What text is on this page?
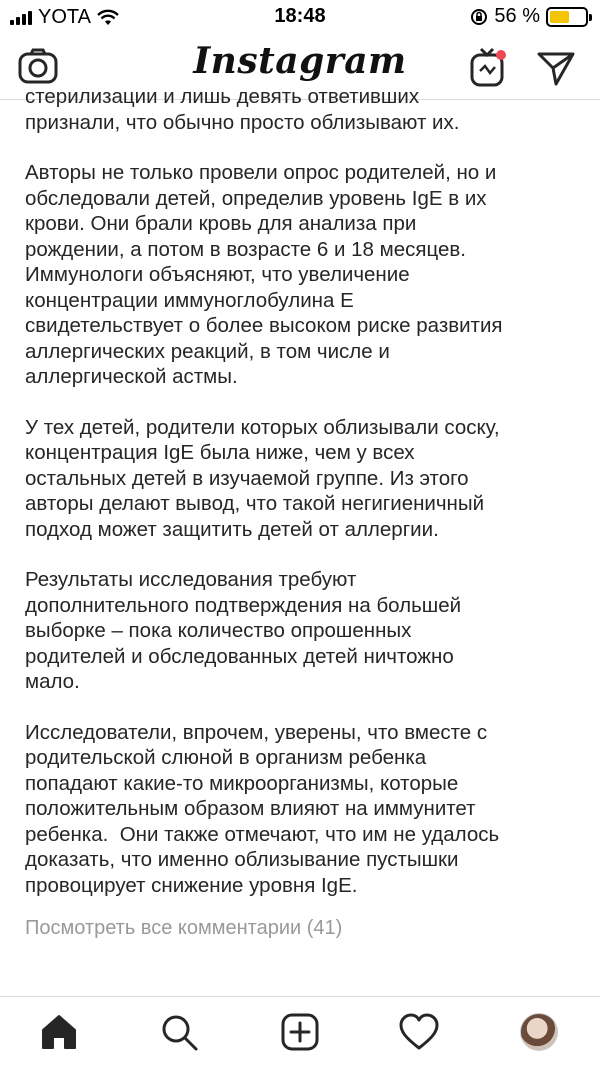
YOTA	18:48	56 %
Instagram

стерилизации и лишь девять ответивших
признали, что обычно просто облизывают их.

Авторы не только провели опрос родителей, но и
обследовали детей, определив уровень IgE в их
крови. Они брали кровь для анализа при
рождении, а потом в возрасте 6 и 18 месяцев.
Иммунологи объясняют, что увеличение
концентрации иммуноглобулина Е
свидетельствует о более высоком риске развития
аллергических реакций, в том числе и
аллергической астмы.

У тех детей, родители которых облизывали соску,
концентрация IgE была ниже, чем у всех
остальных детей в изучаемой группе. Из этого
авторы делают вывод, что такой негигиеничный
подход может защитить детей от аллергии.

Результаты исследования требуют
дополнительного подтверждения на большей
выборке – пока количество опрошенных
родителей и обследованных детей ничтожно
мало.

Исследователи, впрочем, уверены, что вместе с
родительской слюной в организм ребенка
попадают какие-то микроорганизмы, которые
положительным образом влияют на иммунитет
ребенка.  Они также отмечают, что им не удалось
доказать, что именно облизывание пустышки
провоцирует снижение уровня IgE.

Посмотреть все комментарии (41)
